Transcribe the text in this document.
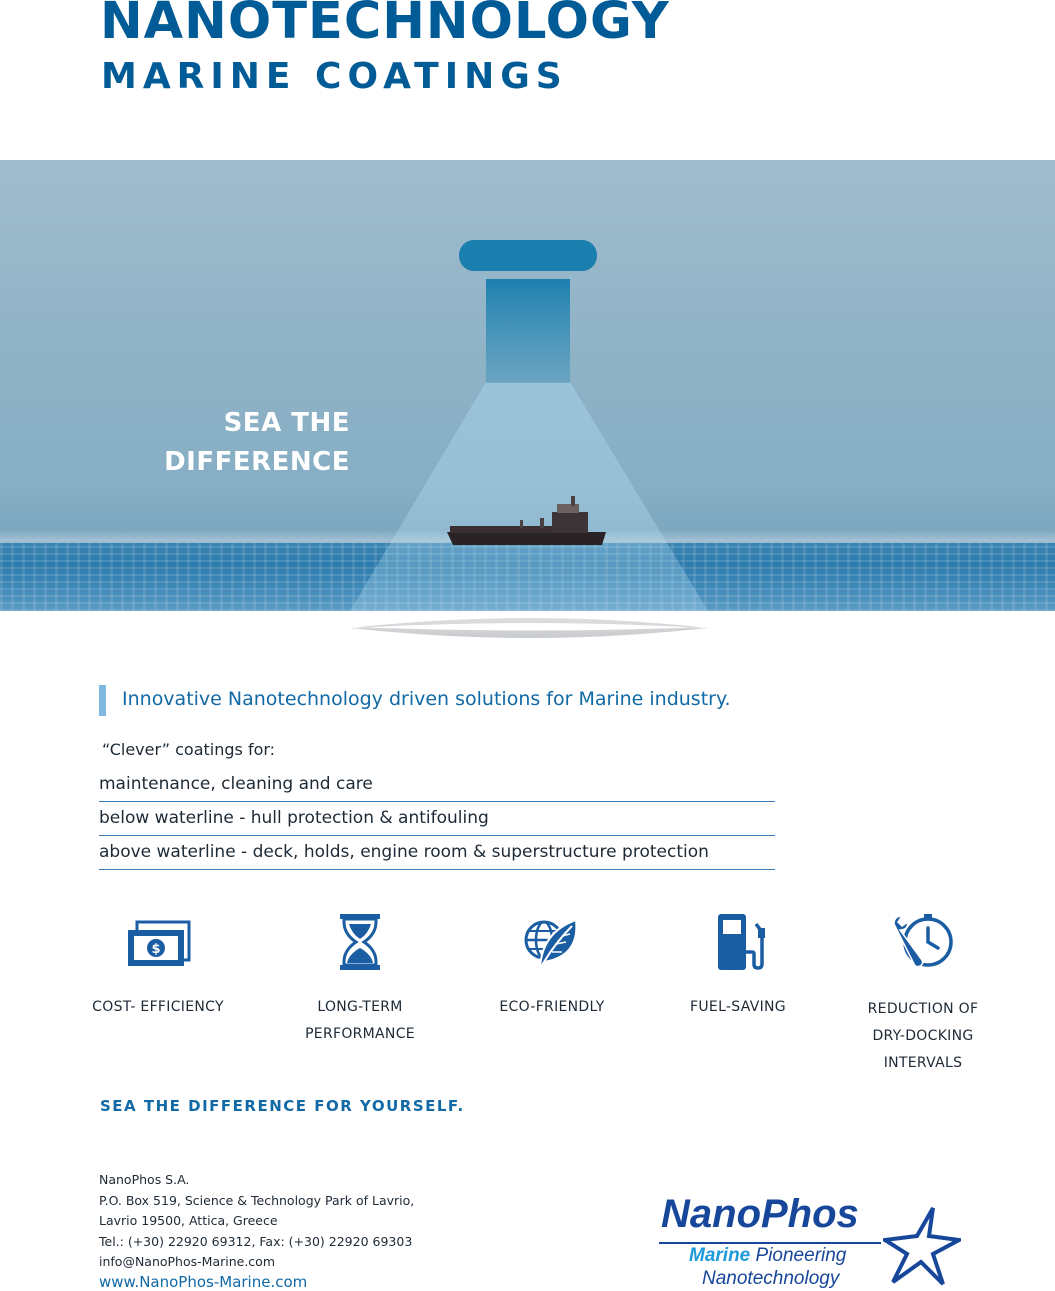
NANOTECHNOLOGY
MARINE COATINGS

SEA THE
DIFFERENCE

Innovative Nanotechnology driven solutions for Marine industry.

“Clever” coatings for:

maintenance, cleaning and care
below waterline - hull protection & antifouling
above waterline - deck, holds, engine room & superstructure protection
$
COST- EFFICIENCY	LONG-TERM
PERFORMANCE
ECO-FRIENDLY	FUEL-SAVING	REDUCTION OF
DRY-DOCKING
INTERVALS

SEA THE DIFFERENCE FOR YOURSELF.

NanoPhos S.A.
P.O. Box 519, Science & Technology Park of Lavrio,
Lavrio 19500, Attica, Greece
Tel.: (+30) 22920 69312, Fax: (+30) 22920 69303
info@NanoPhos-Marine.com

www.NanoPhos-Marine.com

NanoPhos

Marine Pioneering

Nanotechnology
